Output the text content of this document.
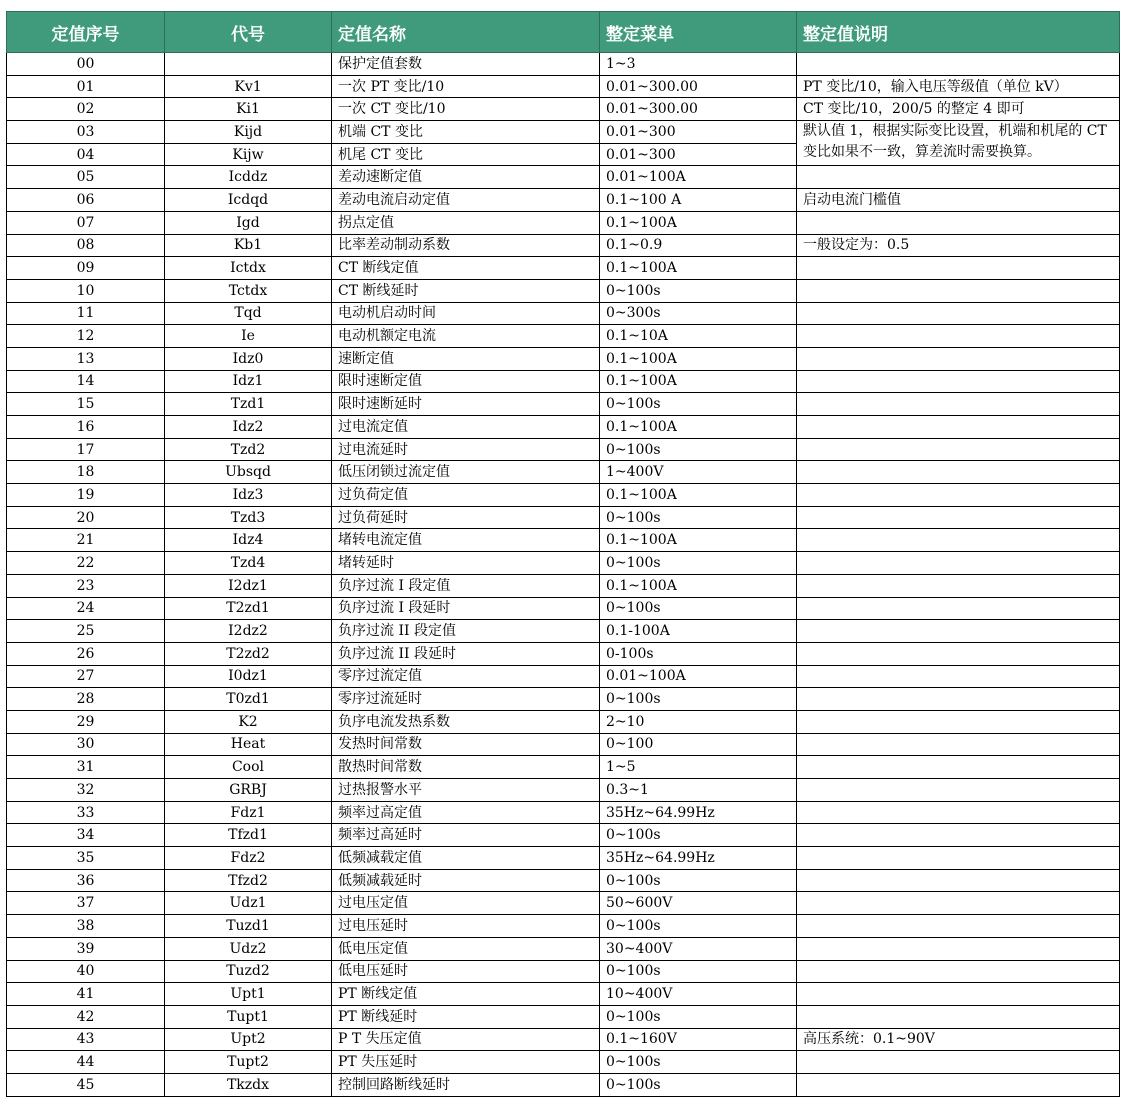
定值序号	代号	定值名称	整定菜单	整定值说明
00		保护定值套数	1~3	
01	Kv1	一次 PT 变比/10	0.01~300.00	PT 变比/10，输入电压等级值（单位 kV）
02	Ki1	一次 CT 变比/10	0.01~300.00	CT 变比/10，200/5 的整定 4 即可
03	Kijd	机端 CT 变比	0.01~300	默认值 1，根据实际变比设置，机端和机尾的 CT 变比如果不一致，算差流时需要换算。
04	Kijw	机尾 CT 变比	0.01~300	
05	Icddz	差动速断定值	0.01~100A	
06	Icdqd	差动电流启动定值	0.1~100 A	启动电流门槛值
07	Igd	拐点定值	0.1~100A	
08	Kb1	比率差动制动系数	0.1~0.9	一般设定为：0.5
09	Ictdx	CT 断线定值	0.1~100A	
10	Tctdx	CT 断线延时	0~100s	
11	Tqd	电动机启动时间	0~300s	
12	Ie	电动机额定电流	0.1~10A	
13	Idz0	速断定值	0.1~100A	
14	Idz1	限时速断定值	0.1~100A	
15	Tzd1	限时速断延时	0~100s	
16	Idz2	过电流定值	0.1~100A	
17	Tzd2	过电流延时	0~100s	
18	Ubsqd	低压闭锁过流定值	1~400V	
19	Idz3	过负荷定值	0.1~100A	
20	Tzd3	过负荷延时	0~100s	
21	Idz4	堵转电流定值	0.1~100A	
22	Tzd4	堵转延时	0~100s	
23	I2dz1	负序过流 I 段定值	0.1~100A	
24	T2zd1	负序过流 I 段延时	0~100s	
25	I2dz2	负序过流 II 段定值	0.1-100A	
26	T2zd2	负序过流 II 段延时	0-100s	
27	I0dz1	零序过流定值	0.01~100A	
28	T0zd1	零序过流延时	0~100s	
29	K2	负序电流发热系数	2~10	
30	Heat	发热时间常数	0~100	
31	Cool	散热时间常数	1~5	
32	GRBJ	过热报警水平	0.3~1	
33	Fdz1	频率过高定值	35Hz~64.99Hz	
34	Tfzd1	频率过高延时	0~100s	
35	Fdz2	低频减载定值	35Hz~64.99Hz	
36	Tfzd2	低频减载延时	0~100s	
37	Udz1	过电压定值	50~600V	
38	Tuzd1	过电压延时	0~100s	
39	Udz2	低电压定值	30~400V	
40	Tuzd2	低电压延时	0~100s	
41	Upt1	PT 断线定值	10~400V	
42	Tupt1	PT 断线延时	0~100s	
43	Upt2	P T 失压定值	0.1~160V	高压系统：0.1~90V
44	Tupt2	PT 失压延时	0~100s	
45	Tkzdx	控制回路断线延时	0~100s	
